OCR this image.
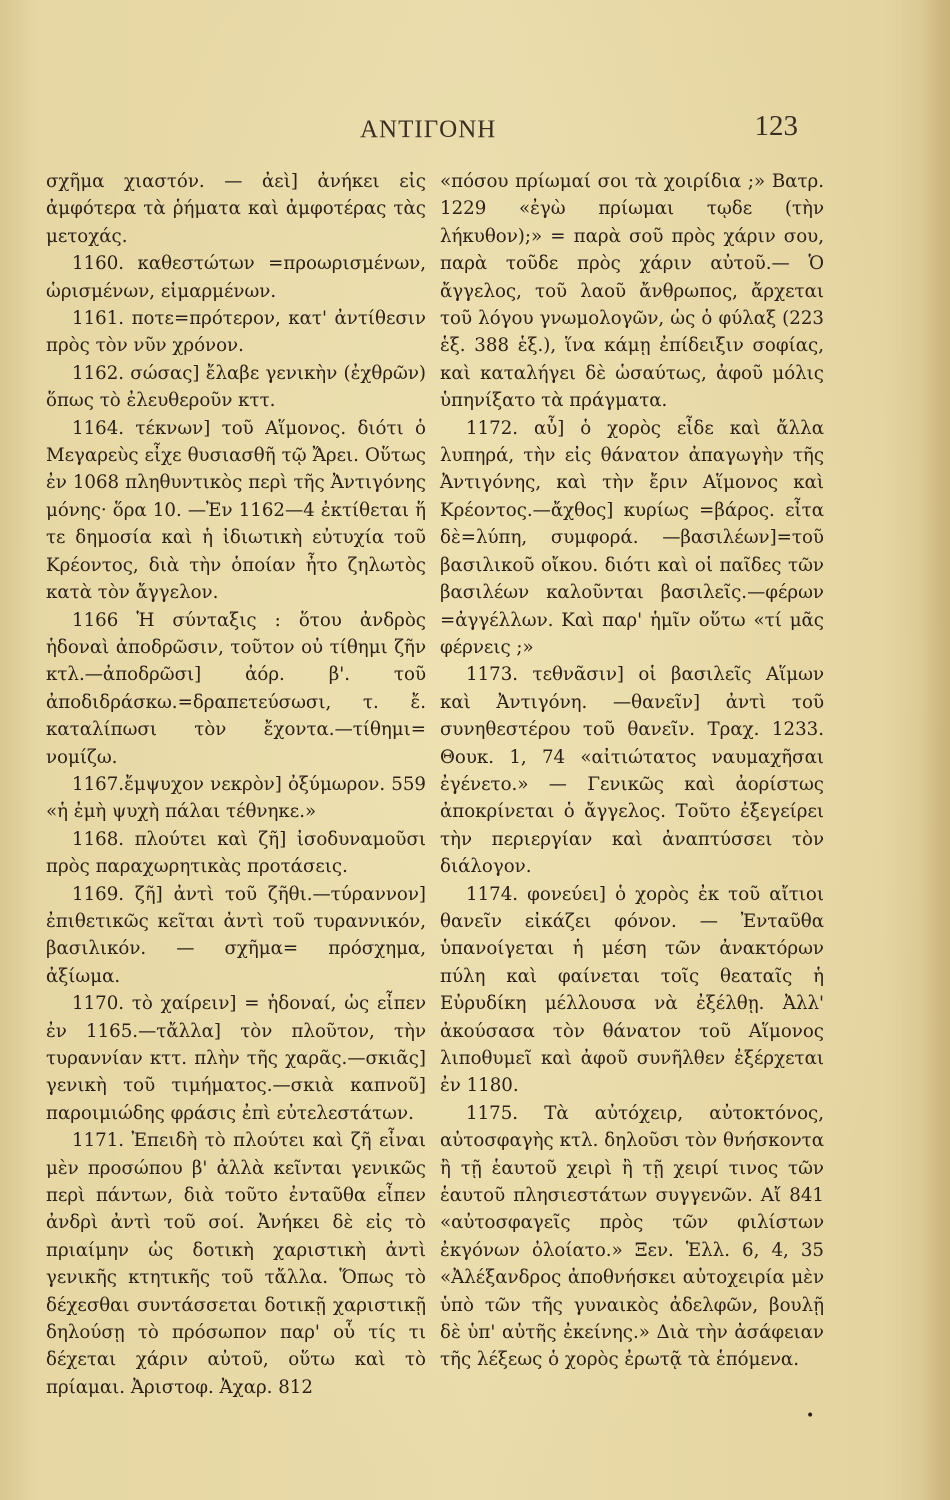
ΑΝΤΙΓΟΝΗ	123

σχῆμα χιαστόν. — ἀεὶ] ἀνήκει εἰς ἀμφότερα τὰ ῥήματα καὶ ἀμφοτέρας τὰς μετοχάς.

1160. καθεστώτων =προωρισμένων, ὡρισμένων, εἱμαρμένων.

1161. ποτε=πρότερον, κατ' ἀντίθεσιν πρὸς τὸν νῦν χρόνον.

1162. σώσας] ἔλαβε γενικὴν (ἐχθρῶν) ὅπως τὸ ἐλευθεροῦν κττ.

1164. τέκνων] τοῦ Αἵμονος. διότι ὁ Μεγαρεὺς εἶχε θυσιασθῆ τῷ Ἄρει. Οὕτως ἐν 1068 πληθυντικὸς περὶ τῆς Ἀντιγόνης μόνης· ὅρα 10. —Ἐν 1162—4 ἐκτίθεται ἥ τε δημοσία καὶ ἡ ἰδιωτικὴ εὐτυχία τοῦ Κρέοντος, διὰ τὴν ὁποίαν ἦτο ζηλωτὸς κατὰ τὸν ἄγγελον.

1166 Ἡ σύνταξις : ὅτου ἀνδρὸς ἡδοναὶ ἀποδρῶσιν, τοῦτον οὐ τίθημι ζῆν κτλ.—ἀποδρῶσι] ἀόρ. β'. τοῦ ἀποδιδράσκω.=δραπετεύσωσι, τ. ἔ. καταλίπωσι τὸν ἔχοντα.—τίθημι= νομίζω.

1167.ἔμψυχον νεκρὸν] ὀξύμωρον. 559 «ἡ ἐμὴ ψυχὴ πάλαι τέθνηκε.»

1168. πλούτει καὶ ζῆ] ἰσοδυναμοῦσι πρὸς παραχωρητικὰς προτάσεις.

1169. ζῆ] ἀντὶ τοῦ ζῆθι.—τύραννον] ἐπιθετικῶς κεῖται ἀντὶ τοῦ τυραννικόν, βασιλικόν. — σχῆμα= πρόσχημα, ἀξίωμα.

1170. τὸ χαίρειν] = ἡδοναί, ὡς εἶπεν ἐν 1165.—τἄλλα] τὸν πλοῦτον, τὴν τυραννίαν κττ. πλὴν τῆς χαρᾶς.—σκιᾶς] γενικὴ τοῦ τιμήματος.—σκιὰ καπνοῦ] παροιμιώδης φράσις ἐπὶ εὐτελεστάτων.

1171. Ἐπειδὴ τὸ πλούτει καὶ ζῆ εἶναι μὲν προσώπου β' ἀλλὰ κεῖνται γενικῶς περὶ πάντων, διὰ τοῦτο ἐνταῦθα εἶπεν ἀνδρὶ ἀντὶ τοῦ σοί. Ἀνήκει δὲ εἰς τὸ πριαίμην ὡς δοτικὴ χαριστικὴ ἀντὶ γενικῆς κτητικῆς τοῦ τἄλλα. Ὅπως τὸ δέχεσθαι συντάσσεται δοτικῇ χαριστικῇ δηλούσῃ τὸ πρόσωπον παρ' οὗ τίς τι δέχεται χάριν αὐτοῦ, οὕτω καὶ τὸ πρίαμαι. Ἀριστοφ. Ἀχαρ. 812

«πόσου πρίωμαί σοι τὰ χοιρίδια ;» Βατρ. 1229 «ἐγὼ πρίωμαι τῳδε (τὴν λήκυθον);» = παρὰ σοῦ πρὸς χάριν σου, παρὰ τοῦδε πρὸς χάριν αὐτοῦ.— Ὁ ἄγγελος, τοῦ λαοῦ ἄνθρωπος, ἄρχεται τοῦ λόγου γνωμολογῶν, ὡς ὁ φύλαξ (223 ἑξ. 388 ἑξ.), ἵνα κάμῃ ἐπίδειξιν σοφίας, καὶ καταλήγει δὲ ὡσαύτως, ἀφοῦ μόλις ὑπηνίξατο τὰ πράγματα.

1172. αὖ] ὁ χορὸς εἶδε καὶ ἄλλα λυπηρά, τὴν εἰς θάνατον ἀπαγωγὴν τῆς Ἀντιγόνης, καὶ τὴν ἔριν Αἵμονος καὶ Κρέοντος.—ἄχθος] κυρίως =βάρος. εἶτα δὲ=λύπη, συμφορά. —βασιλέων]=τοῦ βασιλικοῦ οἴκου. διότι καὶ οἱ παῖδες τῶν βασιλέων καλοῦνται βασιλεῖς.—φέρων =ἀγγέλλων. Καὶ παρ' ἡμῖν οὕτω «τί μᾶς φέρνεις ;»

1173. τεθνᾶσιν] οἱ βασιλεῖς Αἵμων καὶ Ἀντιγόνη. —θανεῖν] ἀντὶ τοῦ συνηθεστέρου τοῦ θανεῖν. Τραχ. 1233. Θουκ. 1, 74 «αἰτιώτατος ναυμαχῆσαι ἐγένετο.» — Γενικῶς καὶ ἀορίστως ἀποκρίνεται ὁ ἄγγελος. Τοῦτο ἐξεγείρει τὴν περιεργίαν καὶ ἀναπτύσσει τὸν διάλογον.

1174. φονεύει] ὁ χορὸς ἐκ τοῦ αἴτιοι θανεῖν εἰκάζει φόνον. — Ἐνταῦθα ὑπανοίγεται ἡ μέση τῶν ἀνακτόρων πύλη καὶ φαίνεται τοῖς θεαταῖς ἡ Εὐρυδίκη μέλλουσα νὰ ἐξέλθῃ. Ἀλλ' ἀκούσασα τὸν θάνατον τοῦ Αἵμονος λιποθυμεῖ καὶ ἀφοῦ συνῆλθεν ἐξέρχεται ἐν 1180.

1175. Τὰ αὐτόχειρ, αὐτοκτόνος, αὐτοσφαγὴς κτλ. δηλοῦσι τὸν θνήσκοντα ἢ τῇ ἑαυτοῦ χειρὶ ἢ τῇ χειρί τινος τῶν ἑαυτοῦ πλησιεστάτων συγγενῶν. Αἴ 841 «αὐτοσφαγεῖς πρὸς τῶν φιλίστων ἐκγόνων ὀλοίατο.» Ξεν. Ἑλλ. 6, 4, 35 «Ἀλέξανδρος ἀποθνήσκει αὐτοχειρία μὲν ὑπὸ τῶν τῆς γυναικὸς ἀδελφῶν, βουλῇ δὲ ὑπ' αὐτῆς ἐκείνης.» Διὰ τὴν ἀσάφειαν τῆς λέξεως ὁ χορὸς ἐρωτᾷ τὰ ἑπόμενα.

•
